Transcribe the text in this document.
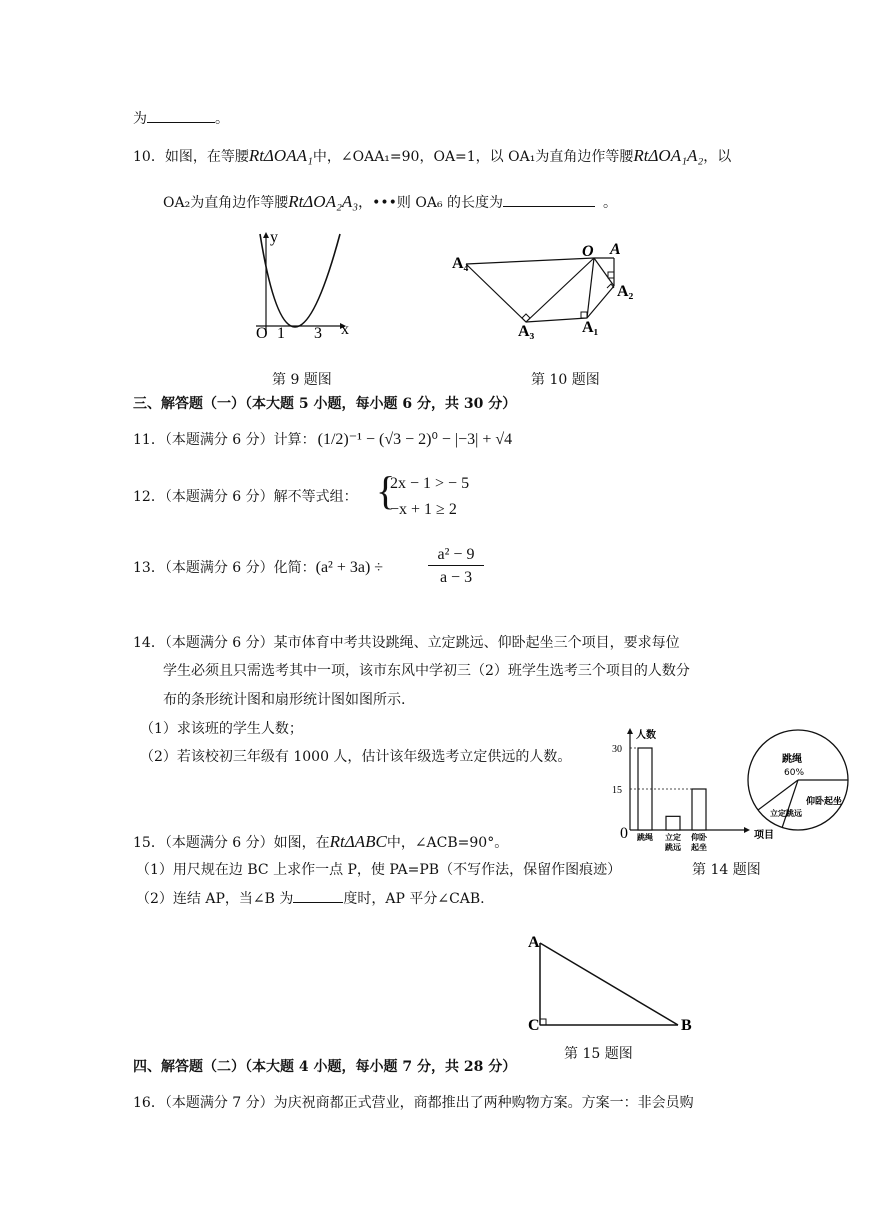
为	。
10．如图，在等腰RtΔOAA₁中，∠OAA₁=90，OA=1，以 OA₁为直角边作等腰RtΔOA₁A₂，以
OA₂为直角边作等腰RtΔOA₂A₃，•••则 OA₆ 的长度为	。
y
O 1 3 x
第 9 题图
A₄
O A
A₃	A₁
A₂
第 10 题图
三、解答题（一）（本大题 5 小题，每小题 6 分，共 30 分）
11．（本题满分 6 分）计算： (1/2)⁻¹ − (√3 − 2)⁰ − |−3| + √4
12．（本题满分 6 分）解不等式组： {
2x − 1 > − 5
−x + 1 ≥ 2
13．（本题满分 6 分）化简：(a² + 3a) ÷
a² − 9
a − 3
14．（本题满分 6 分）某市体育中考共设跳绳、立定跳远、仰卧起坐三个项目，要求每位
学生必须且只需选考其中一项，该市东风中学初三（2）班学生选考三个项目的人数分
布的条形统计图和扇形统计图如图所示.
（1）求该班的学生人数；
（2）若该校初三年级有 1000 人，估计该年级选考立定供远的人数。
人数
项目
0
30
15
跳绳 立定
跳远
仰卧
起坐
跳绳
60%
立定跳远
仰卧起坐
第 14 题图
15．（本题满分 6 分）如图，在RtΔABC中，∠ACB=90°。
（1）用尺规在边 BC 上求作一点 P，使 PA=PB（不写作法，保留作图痕迹）
（2）连结 AP，当∠B 为	度时，AP 平分∠CAB.
A
C	B
第 15 题图
四、解答题（二）（本大题 4 小题，每小题 7 分，共 28 分）
16．（本题满分 7 分）为庆祝商都正式营业，商都推出了两种购物方案。方案一：非会员购
